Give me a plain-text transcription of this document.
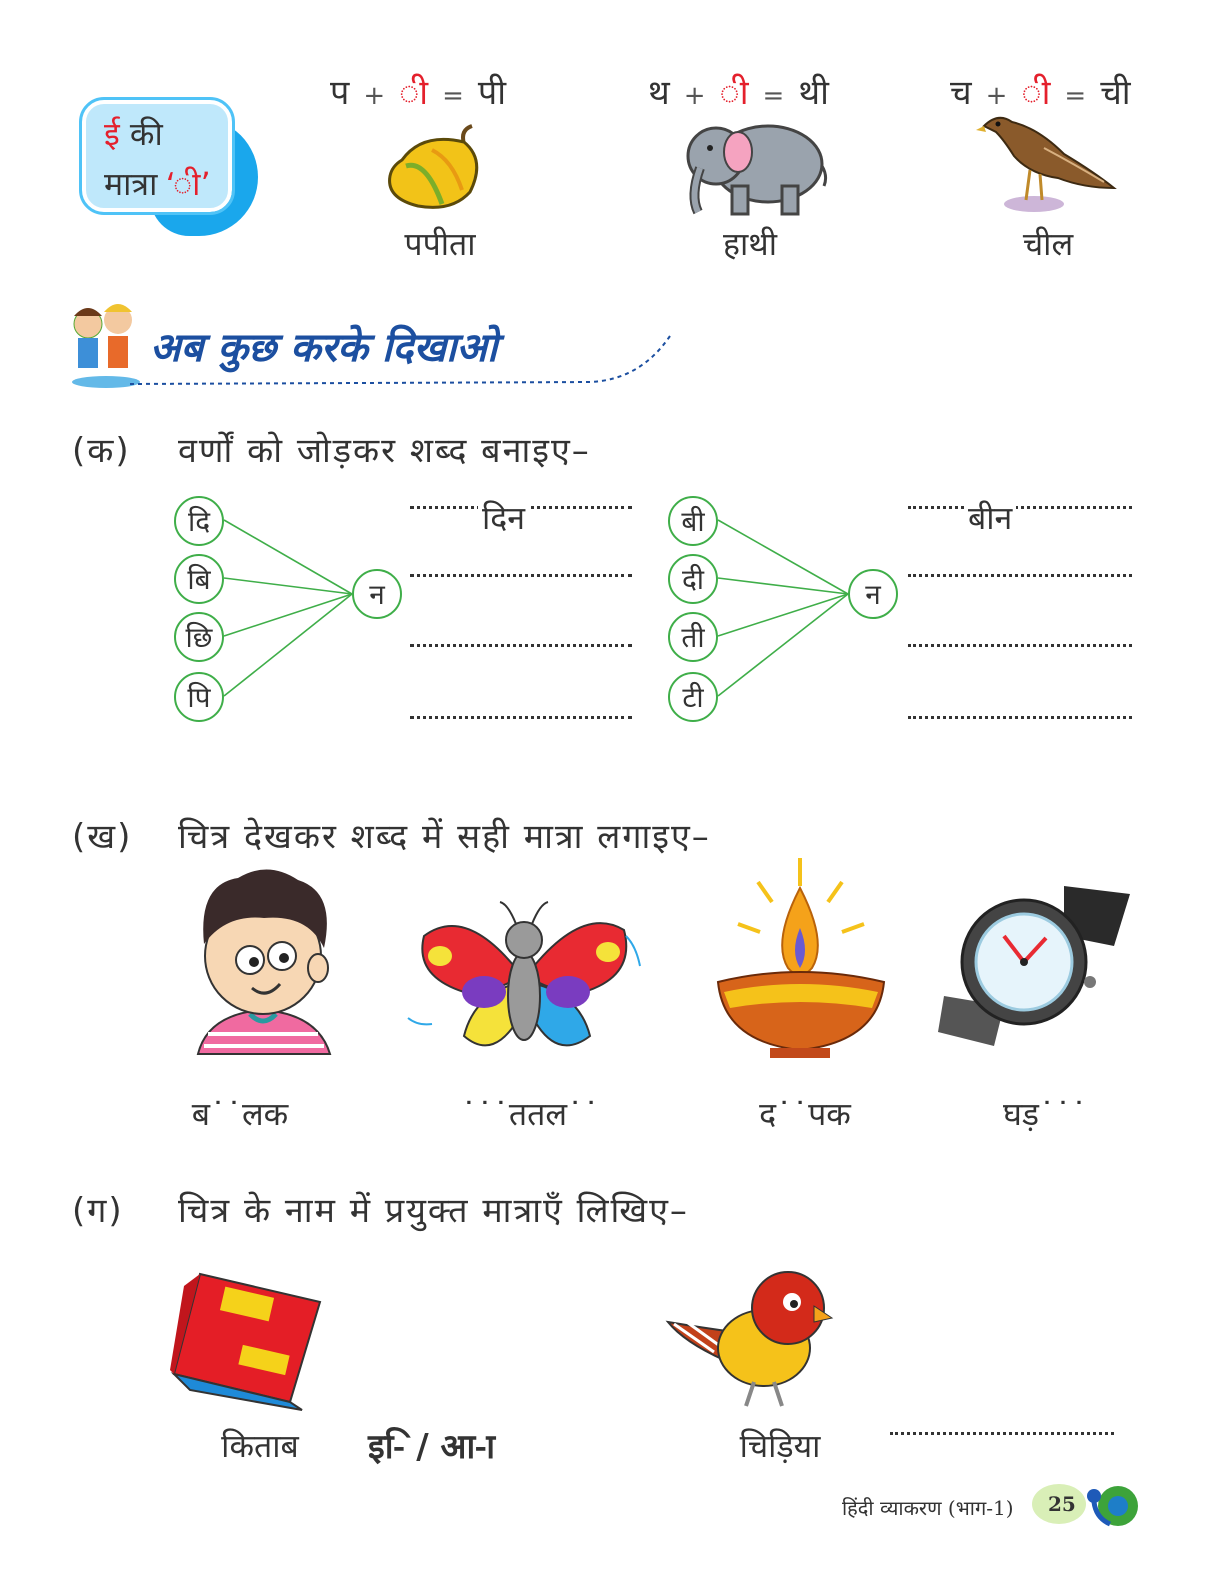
ई की
मात्रा ‘ी’
प + ी = पी
पपीता
थ + ी = थी
हाथी
च + ी = ची
चील
अब कुछ करके दिखाओ
(क) वर्णों को जोड़कर शब्द बनाइए–
दि
बि
छि
पि
न
दिन	बी
दी
ती
टी
न
बीन
(ख) चित्र देखकर शब्द में सही मात्रा लगाइए–
ब˙˙लक	˙˙˙ततल˙˙	द˙˙पक	घड़˙˙˙
(ग) चित्र के नाम में प्रयुक्त मात्राएँ लिखिए–
किताब	इ-ि / आ-ा	चिड़िया
हिंदी व्याकरण (भाग-1) 25
